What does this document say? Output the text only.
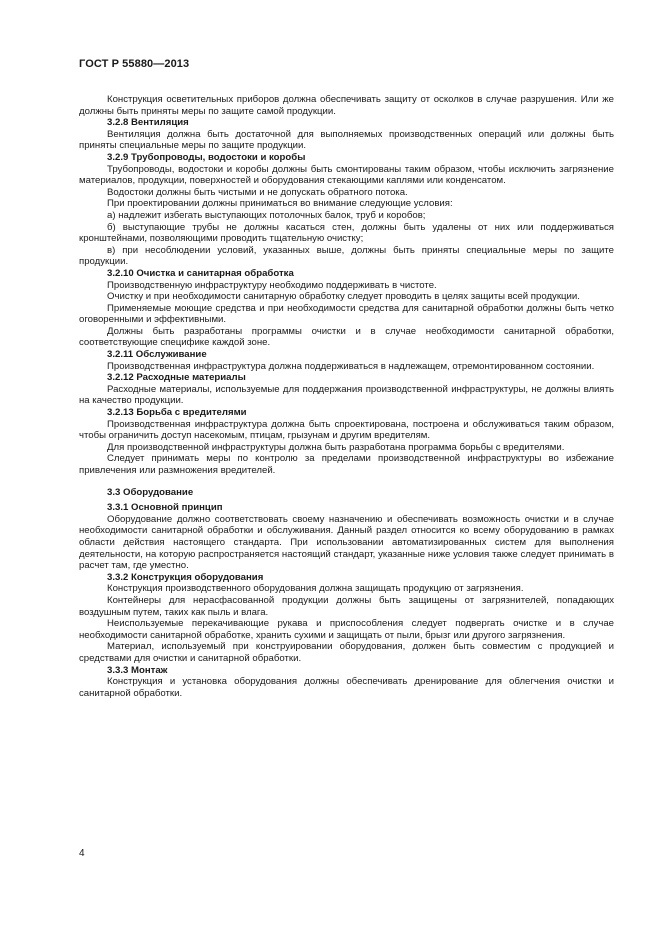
ГОСТ Р 55880—2013
Конструкция осветительных приборов должна обеспечивать защиту от осколков в случае разрушения. Или же должны быть приняты меры по защите самой продукции.
3.2.8 Вентиляция
Вентиляция должна быть достаточной для выполняемых производственных операций или должны быть приняты специальные меры по защите продукции.
3.2.9 Трубопроводы, водостоки и коробы
Трубопроводы, водостоки и коробы должны быть смонтированы таким образом, чтобы исключить загрязнение материалов, продукции, поверхностей и оборудования стекающими каплями или конденсатом.
Водостоки должны быть чистыми и не допускать обратного потока.
При проектировании должны приниматься во внимание следующие условия:
а) надлежит избегать выступающих потолочных балок, труб и коробов;
б) выступающие трубы не должны касаться стен, должны быть удалены от них или поддерживаться кронштейнами, позволяющими проводить тщательную очистку;
в) при несоблюдении условий, указанных выше, должны быть приняты специальные меры по защите продукции.
3.2.10 Очистка и санитарная обработка
Производственную инфраструктуру необходимо поддерживать в чистоте.
Очистку и при необходимости санитарную обработку следует проводить в целях защиты всей продукции.
Применяемые моющие средства и при необходимости средства для санитарной обработки должны быть четко оговоренными и эффективными.
Должны быть разработаны программы очистки и в случае необходимости санитарной обработки, соответствующие специфике каждой зоне.
3.2.11 Обслуживание
Производственная инфраструктура должна поддерживаться в надлежащем, отремонтированном состоянии.
3.2.12 Расходные материалы
Расходные материалы, используемые для поддержания производственной инфраструктуры, не должны влиять на качество продукции.
3.2.13 Борьба с вредителями
Производственная инфраструктура должна быть спроектирована, построена и обслуживаться таким образом, чтобы ограничить доступ насекомым, птицам, грызунам и другим вредителям.
Для производственной инфраструктуры должна быть разработана программа борьбы с вредителями.
Следует принимать меры по контролю за пределами производственной инфраструктуры во избежание привлечения или размножения вредителей.
3.3 Оборудование
3.3.1 Основной принцип
Оборудование должно соответствовать своему назначению и обеспечивать возможность очистки и в случае необходимости санитарной обработки и обслуживания. Данный раздел относится ко всему оборудованию в рамках области действия настоящего стандарта. При использовании автоматизированных систем для выполнения деятельности, на которую распространяется настоящий стандарт, указанные ниже условия также следует принимать в расчет там, где уместно.
3.3.2 Конструкция оборудования
Конструкция производственного оборудования должна защищать продукцию от загрязнения.
Контейнеры для нерасфасованной продукции должны быть защищены от загрязнителей, попадающих воздушным путем, таких как пыль и влага.
Неиспользуемые перекачивающие рукава и приспособления следует подвергать очистке и в случае необходимости санитарной обработке, хранить сухими и защищать от пыли, брызг или другого загрязнения.
Материал, используемый при конструировании оборудования, должен быть совместим с продукцией и средствами для очистки и санитарной обработки.
3.3.3 Монтаж
Конструкция и установка оборудования должны обеспечивать дренирование для облегчения очистки и санитарной обработки.
4
